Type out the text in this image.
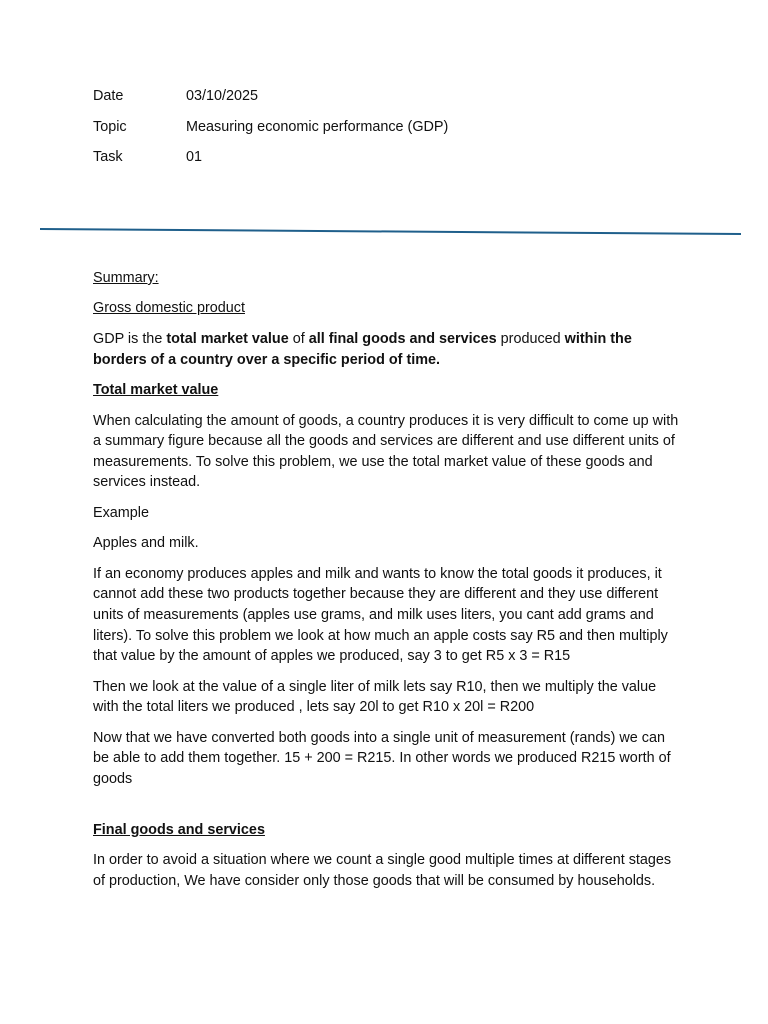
Date	03/10/2025
Topic	Measuring economic performance (GDP)
Task	01

Summary:

Gross domestic product

GDP is the total market value of all final goods and services produced within the borders of a country over a specific period of time.

Total market value

When calculating the amount of goods, a country produces it is very difficult to come up with a summary figure because all the goods and services are different and use different units of measurements. To solve this problem, we use the total market value of these goods and services instead.

Example

Apples and milk.

If an economy produces apples and milk and wants to know the total goods it produces, it cannot add these two products together because they are different and they use different units of measurements (apples use grams, and milk uses liters, you cant add grams and liters). To solve this problem we look at how much an apple costs say R5 and then multiply that value by the amount of apples we produced, say 3 to get R5 x 3 = R15

Then we look at the value of a single liter of milk lets say R10, then we multiply the value with the total liters we produced , lets say 20l to get R10 x 20l = R200

Now that we have converted both goods into a single unit of measurement (rands) we can be able to add them together. 15 + 200 = R215. In other words we produced R215 worth of goods

Final goods and services

In order to avoid a situation where we count a single good multiple times at different stages of production, We have consider only those goods that will be consumed by households.
